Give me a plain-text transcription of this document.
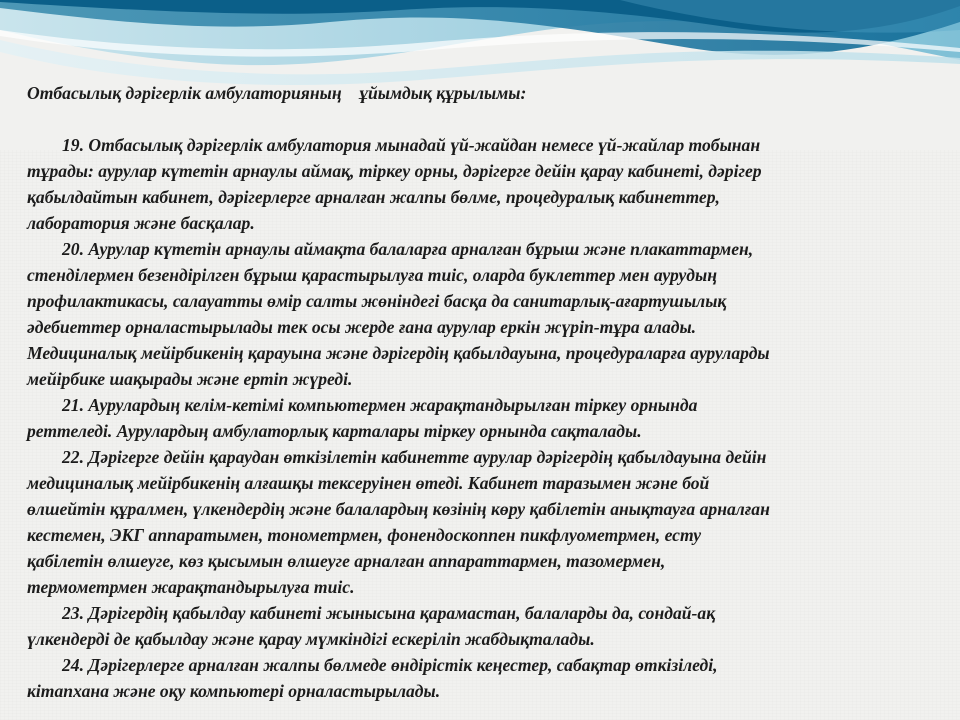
Отбасылық дәрігерлік амбулаторияның    ұйымдық құрылымы:
19. Отбасылық дәрігерлік амбулатория мынадай үй-жайдан немесе үй-жайлар тобынан
тұрады: аурулар күтетін арнаулы аймақ, тіркеу орны, дәрігерге дейін қарау кабинеті, дәрігер
қабылдайтын кабинет, дәрігерлерге арналған жалпы бөлме, процедуралық кабинеттер,
лаборатория және басқалар.
20. Аурулар күтетін арнаулы аймақта балаларға арналған бұрыш және плакаттармен,
стенділермен безендірілген бұрыш қарастырылуға тиіс, оларда буклеттер мен аурудың
профилактикасы, салауатты өмір салты жөніндегі басқа да санитарлық-ағартушылық
әдебиеттер орналастырылады тек осы жерде ғана аурулар еркін жүріп-тұра алады.
Медициналық мейірбикенің қарауына және дәрігердің қабылдауына, процедураларға ауруларды
мейірбике шақырады және ертіп жүреді.
21. Аурулардың келім-кетімі компьютермен жарақтандырылған тіркеу орнында
реттеледі. Аурулардың амбулаторлық карталары тіркеу орнында сақталады.
22. Дәрігерге дейін қараудан өткізілетін кабинетте аурулар дәрігердің қабылдауына дейін
медициналық мейірбикенің алғашқы тексеруінен өтеді. Кабинет таразымен және бой
өлшейтін құралмен, үлкендердің және балалардың көзінің көру қабілетін анықтауға арналған
кестемен, ЭКГ аппаратымен, тонометрмен, фонендоскоппен пикфлуометрмен, есту
қабілетін өлшеуге, көз қысымын өлшеуге арналған аппараттармен, тазомермен,
термометрмен жарақтандырылуға тиіс.
23. Дәрігердің қабылдау кабинеті жынысына қарамастан, балаларды да, сондай-ақ
үлкендерді де қабылдау және қарау мүмкіндігі ескеріліп жабдықталады.
24. Дәрігерлерге арналған жалпы бөлмеде өндірістік кеңестер, сабақтар өткізіледі,
кітапхана және оқу компьютері орналастырылады.
